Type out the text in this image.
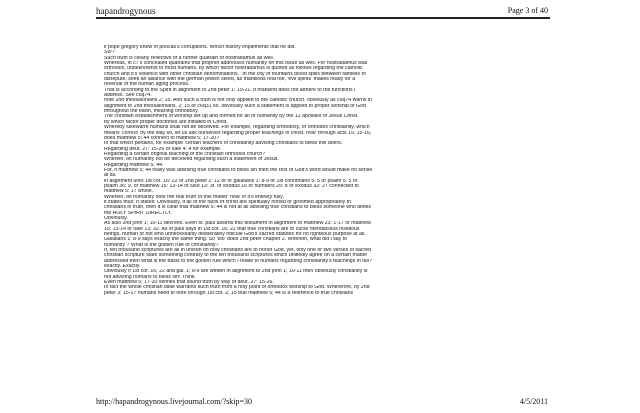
hapandrogynous	Page 3 of 40
if pope gregory knew of phocas's corruptions. Which history implements that he did.
So/?
Such truth is clearly reflective of a further quatrain of nostradamus as well.
Whereas, in c7's concealed quatrains that prophet addresses humanity on this issue as well. For nostradamus was
orthodox, unbeknownst to most humans, by which factor nostradamus is quoted as follows regarding the catholic
church and it's violence with other christian denominations. "In the city of fountains blood spills between families of
disrepute, seek an alliance with the german jewish steed, as mankinds real foe, 'evil spirits' makes ready for a
reversal of the human aging process."
That is according to the Spirit in alignment to 2nd peter 1: 19-21. If mankind does not adhere to the functions i
address. See c6q74.
note 2nd thessalonians 2; 15. And such a truth is not only applied to the catholic church. obviously as c6q74 warns in
alignment to 2nd thessalonians. 2; 15 or c6q31 so. obviously such a statement is applied to proper worship of God
throughout the earth, meaning orthodoxy.
The christian establishment of worship set up and formed for all of humanity by the 12 apostles of Jesus Christ.
by which factor proper doctrines are initiated in Christ.
Whereby lukewarm humans shall not be deceived. For example, regarding orthodoxy, or orthodox christianity, which
means 'correct' by the way so, let us ask ourselves regarding proper teachings in christ, how 'through acts 15: 15-16,
does matthew 5; 44 connect to matthew 5; 17-20?
In that which pertains, for example' certain teachers of christianity advising christians to bless evil doers.
Regarding deut. 27: 15-26 or luke 4: 4 for example.
Regarding a certain original teaching of the christian orthodox church?
Wherein, let humanity not be deceived regarding such a statement of Jesus.
Regarding matthew 5; 44.
For, if matthew 5; 44 really was advising true christians to bless sin then the rest of God's word would make no sense
at all.
in alignment unto 1st cor. 16: 22 or 2nd peter 2: 12 or or galatians 1: 8-9 or 1st corinthians 5: 5 or psalm 5: 5 or
psalm 36: 9, or matthew 15: 13-14 or luke 13: 3f. or exodus 16 or numbers 25: 8 or exodus 32: 27 connected to
matthew 5: 17 whole.
Wherein, let humanity note the real truth of this matter 'now' in it's entirety fully.
it states thus; It states: Obviously, if all of the facts of christ are spiritually honed or groomed appropriately to
christians in truth, then it is clear that matthew 5: 44 is not at all advising true christians to bless someone who defies
the HOLY SPIRIT DIRECTLY.
Obviously.
As also 2nd john 1; 10-11 decrees. Even st. paul asserts this testament in alignment to matthew 23: 1-17 or matthew
15: 13-14 or luke 13; 32. As st paul says in 1st cor. 16; 22 that true christians are to curse mendacious insidious
beings, human or not who unnecessarily deliberately ridicule God's sacred statutes for no righteous purpose at all.
Galatians 1: 8-9 says exactly the same thing. So 'too' does 2nd peter chapter 2. Wherein, what did i say to
humanity ? What is the golden rule of christianity?
If, ten thousand scriptures are all in unison on how christians are to honor God, yet, only one or two verses of sacred
christian scripture state something contrary to the ten thousand scriptures which unifiedly agree on a certain matter
addressed then what is the basis to the golden rule which I relate to humans regarding christianity's teachings in full?
exactly. Exactly.
Obviously if 1st cor. 16; 22 and gal. 1; 8-9 are written in alignment to 2nd john 1; 10-11 then obviously christianity is
not advising humans to bless sin! Think.
Even matthew 5; 17-20 verifies that sound truth by way of deut. 27: 15-26.
In fact the whole christian bible warrants such truth from a holy point of orthodox worship to God. Wherefore, by 2nd
peter 3: 15-17 humans need to note through 1st cor. 2; 15 that matthew 5; 44 is a reference to true christians
http://hapandrogynous.livejournal.com/?skip=30	4/5/2011
